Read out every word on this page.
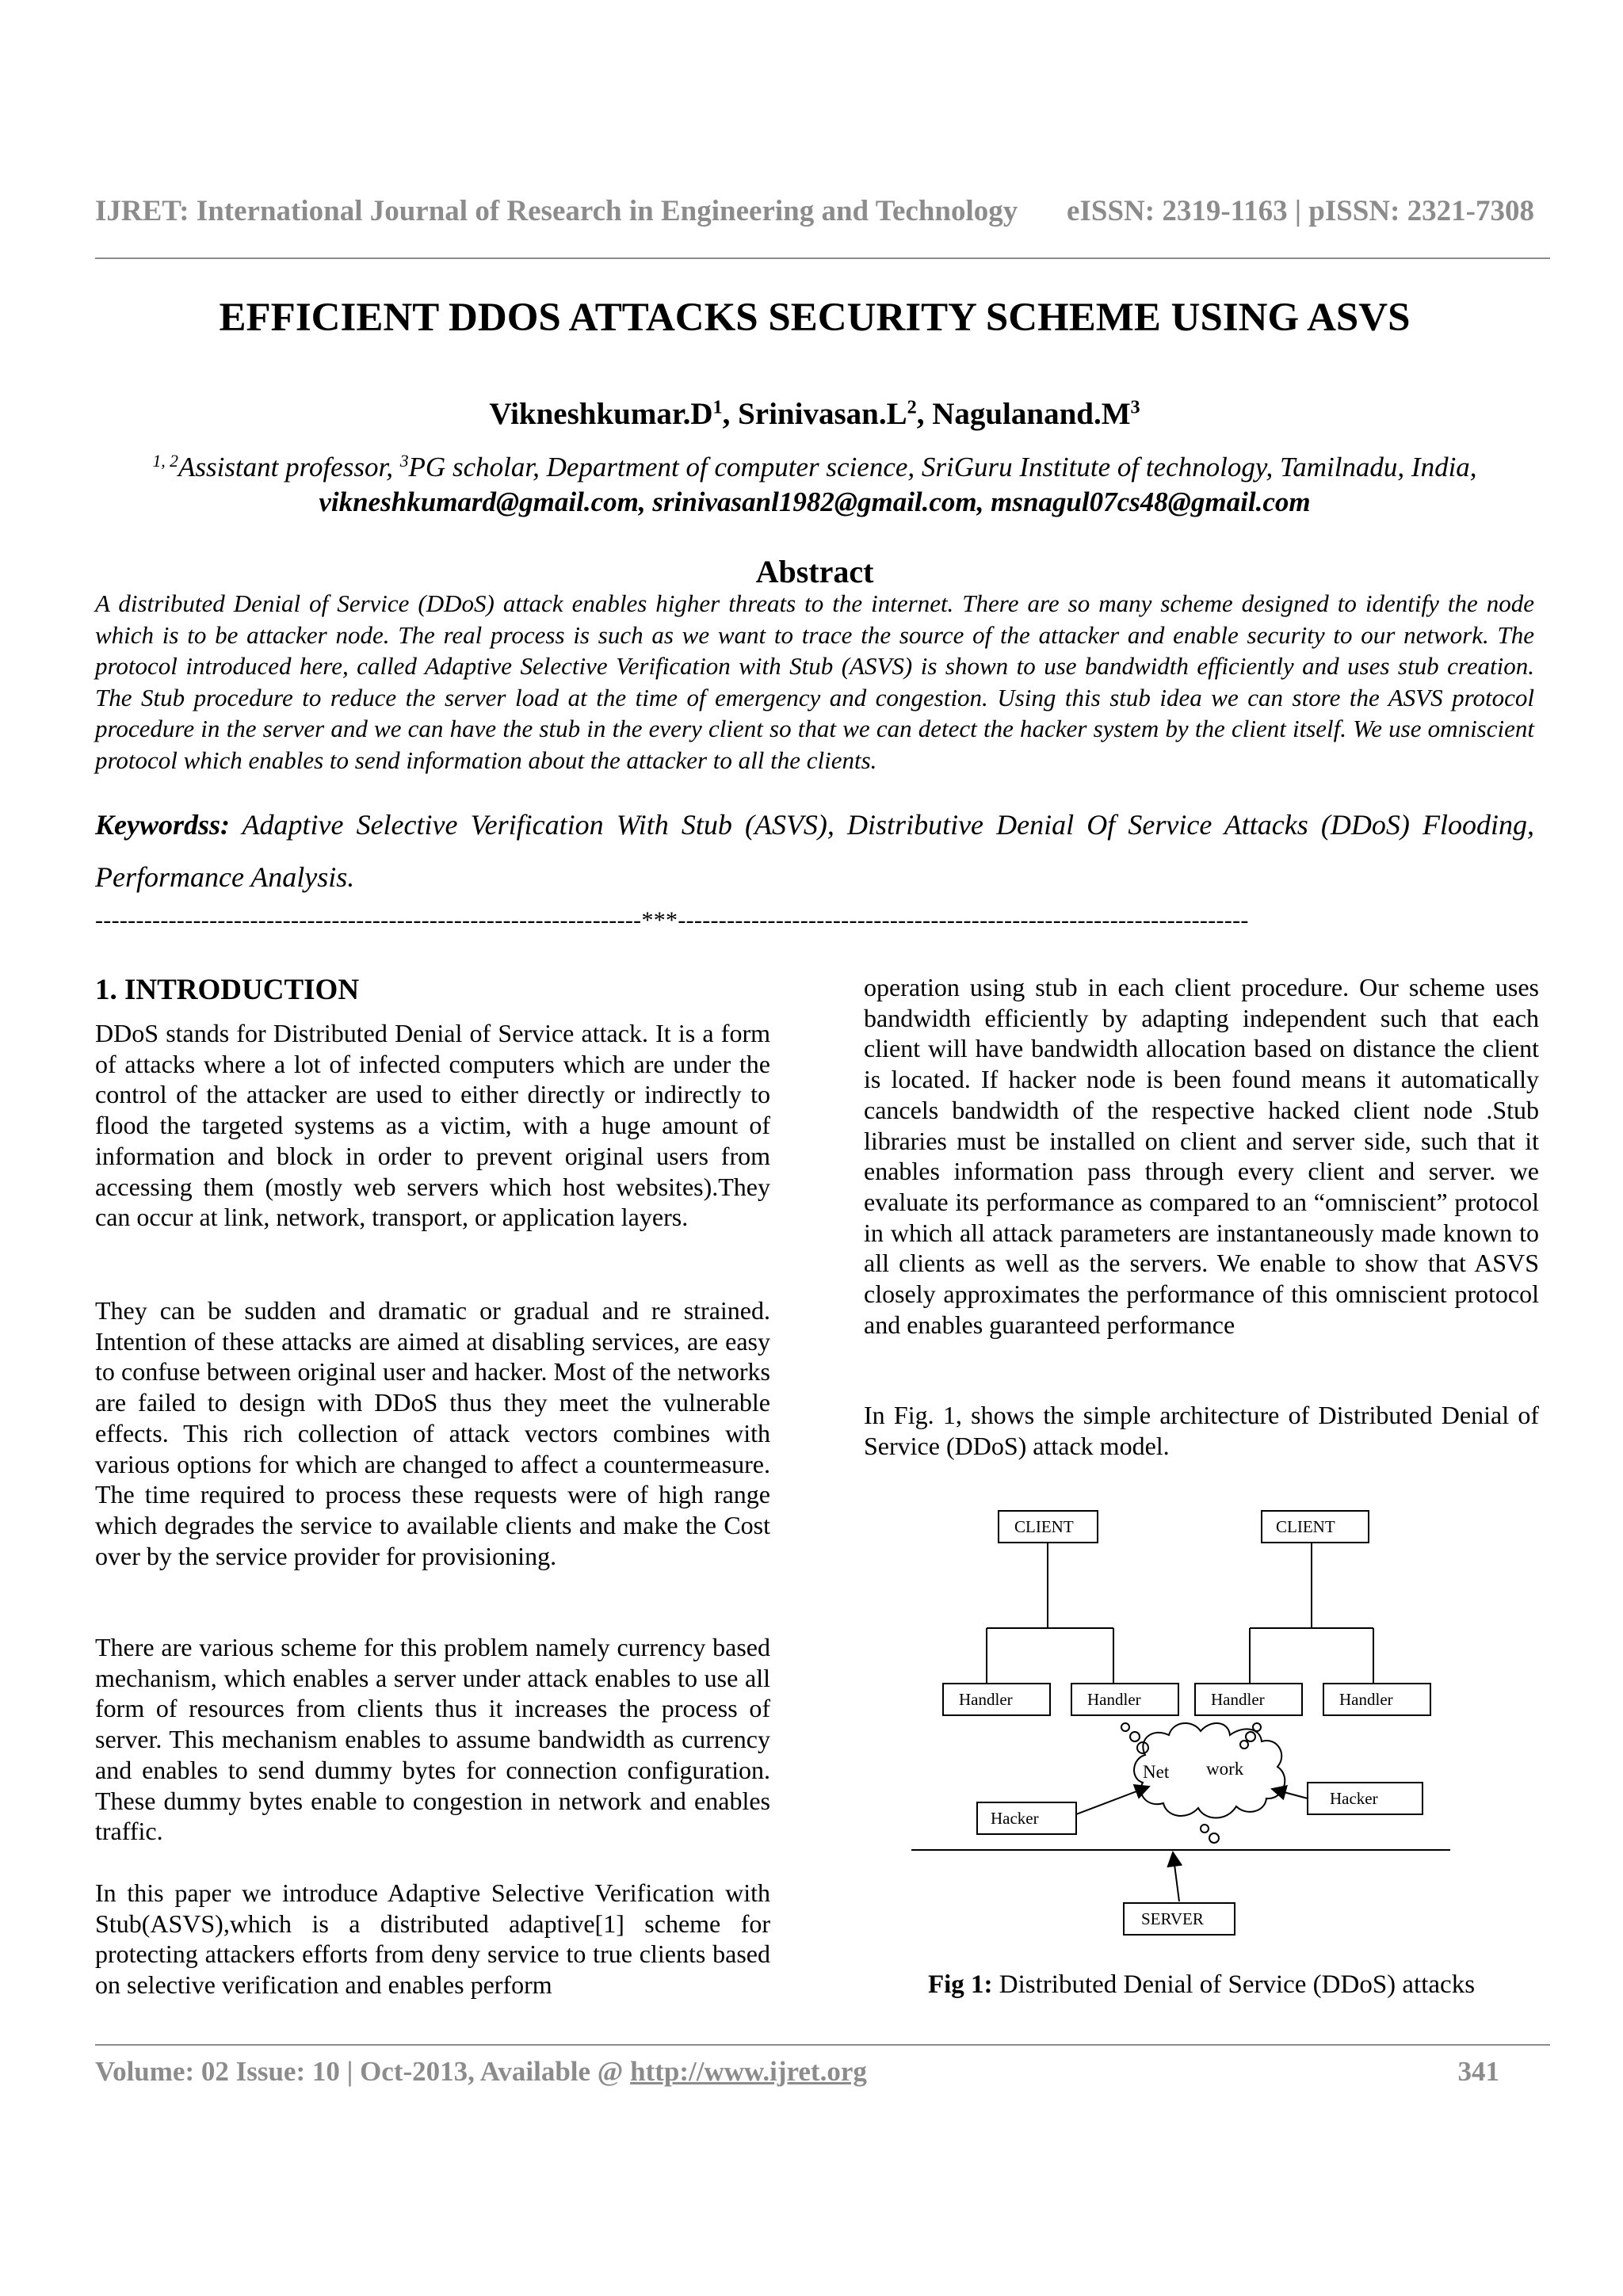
IJRET: International Journal of Research in Engineering and Technology eISSN: 2319-1163 | pISSN: 2321-7308
EFFICIENT DDOS ATTACKS SECURITY SCHEME USING ASVS
$Vikneshkumar.D^1$, $Srinivasan.L^2$, $Nagulanand.M^3$
$^{1, 2}$Assistant professor, $^3$PG scholar, Department of computer science, SriGuru Institute of technology, Tamilnadu, India,
vikneshkumard@gmail.com, srinivasanl1982@gmail.com, msnagul07cs48@gmail.com
Abstract

A distributed Denial of Service (DDoS) attack enables higher threats to the internet. There are so many scheme designed to identify the node which is to be attacker node. The real process is such as we want to trace the source of the attacker and enable security to our network. The protocol introduced here, called Adaptive Selective Verification with Stub (ASVS) is shown to use bandwidth efficiently and uses stub creation. The Stub procedure to reduce the server load at the time of emergency and congestion. Using this stub idea we can store the ASVS protocol procedure in the server and we can have the stub in the every client so that we can detect the hacker system by the client itself. We use omniscient protocol which enables to send information about the attacker to all the clients.

Keywordss: Adaptive Selective Verification With Stub (ASVS), Distributive Denial Of Service Attacks (DDoS) Flooding, Performance Analysis.

-------------------------------------------------------------------***----------------------------------------------------------------------
1. INTRODUCTION

DDoS stands for Distributed Denial of Service attack. It is a form of attacks where a lot of infected computers which are under the control of the attacker are used to either directly or indirectly to flood the targeted systems as a victim, with a huge amount of information and block in order to prevent original users from accessing them (mostly web servers which host websites).They can occur at link, network, transport, or application layers.

They can be sudden and dramatic or gradual and re strained. Intention of these attacks are aimed at disabling services, are easy to confuse between original user and hacker. Most of the networks are failed to design with DDoS thus they meet the vulnerable effects. This rich collection of attack vectors combines with various options for which are changed to affect a countermeasure. The time required to process these requests were of high range which degrades the service to available clients and make the Cost over by the service provider for provisioning.

There are various scheme for this problem namely currency based mechanism, which enables a server under attack enables to use all form of resources from clients thus it increases the process of server. This mechanism enables to assume bandwidth as currency and enables to send dummy bytes for connection configuration. These dummy bytes enable to congestion in network and enables traffic.

In this paper we introduce Adaptive Selective Verification with Stub(ASVS),which is a distributed adaptive[1] scheme for protecting attackers efforts from deny service to true clients based on selective verification and enables perform

operation using stub in each client procedure. Our scheme uses bandwidth efficiently by adapting independent such that each client will have bandwidth allocation based on distance the client is located. If hacker node is been found means it automatically cancels bandwidth of the respective hacked client node .Stub libraries must be installed on client and server side, such that it enables information pass through every client and server. we evaluate its performance as compared to an “omniscient” protocol in which all attack parameters are instantaneously made known to all clients as well as the servers. We enable to show that ASVS closely approximates the performance of this omniscient protocol and enables guaranteed performance

In Fig. 1, shows the simple architecture of Distributed Denial of Service (DDoS) attack model.

CLIENT	CLIENT
Handler	Handler	Handler	Handler
Hacker
Hacker
Net work
SERVER
Fig 1: Distributed Denial of Service (DDoS) attacks
Volume: 02 Issue: 10 | Oct-2013, Available @ http://www.ijret.org	341
